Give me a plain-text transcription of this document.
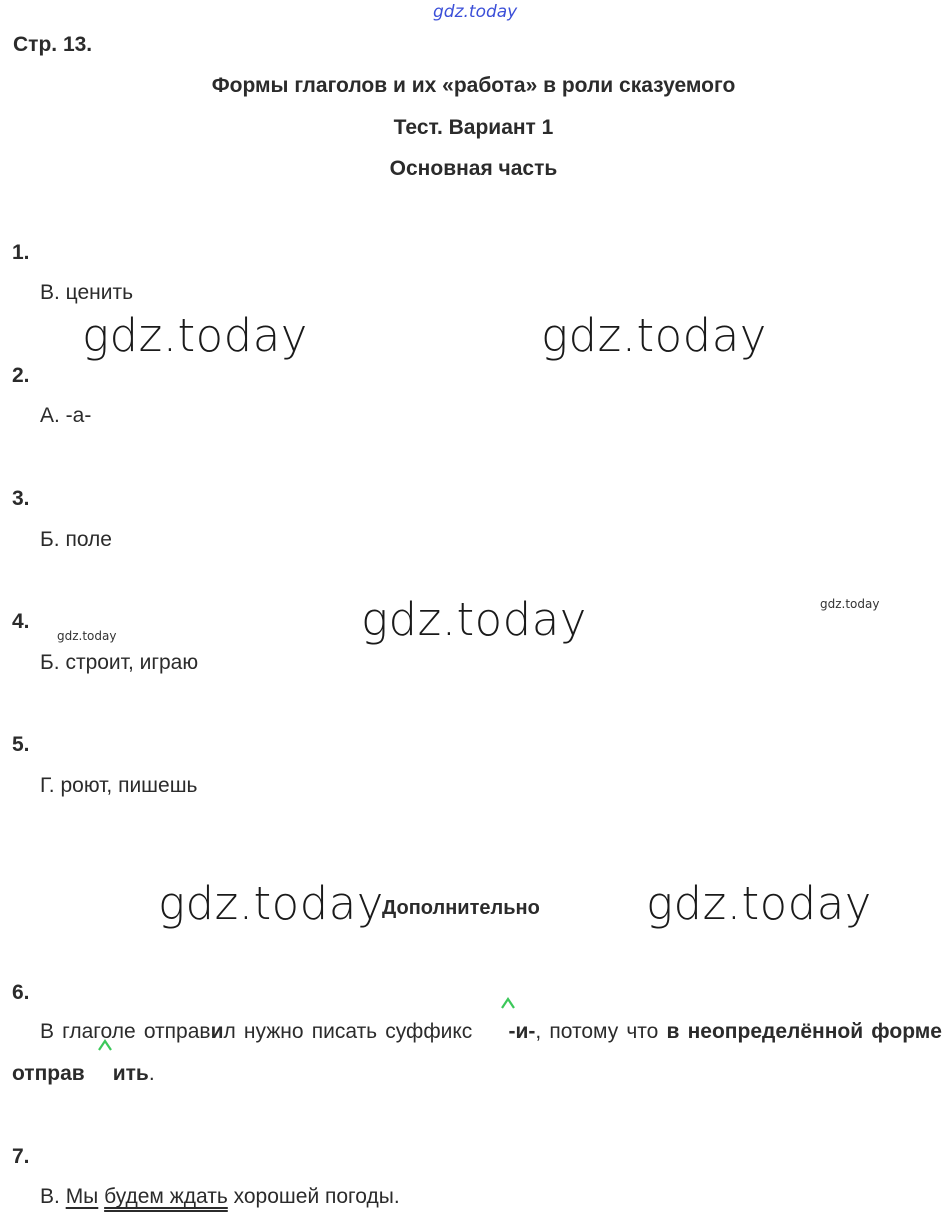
gdz.today
Стр. 13.
Формы глаголов и их «работа» в роли сказуемого
Тест. Вариант 1
Основная часть
1.
В. ценить
gdz.today	gdz.today
2.
А. -а-
3.
Б. поле
gdz.today	gdz.today
gdz.today
4.
Б. строит, играю
5.
Г. роют, пишешь
gdz.today
Дополнительно gdz.today
6.
В глаголе отправил нужно писать суффикс
-и-, потому что в неопределённой форме отправ ить.
7.
В. Мы будем ждать хорошей погоды.
